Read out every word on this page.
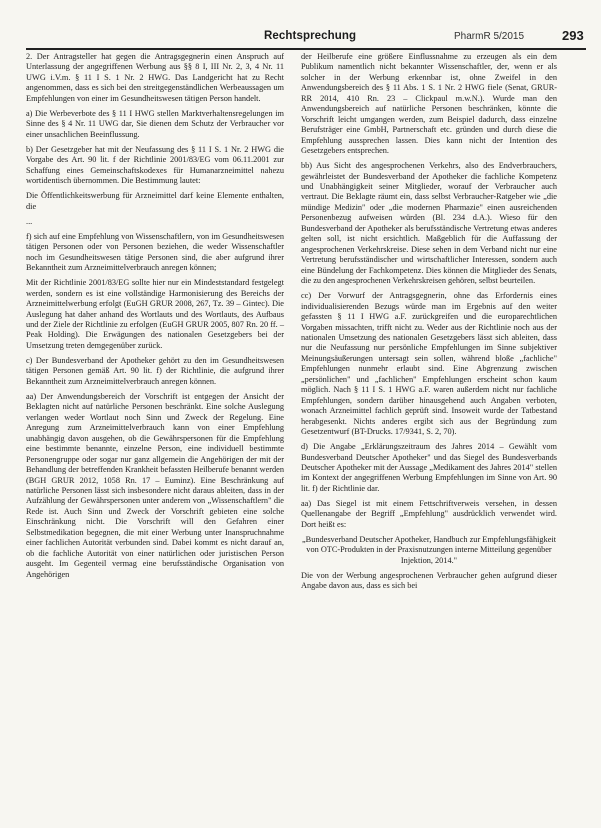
Rechtsprechung	PharmR 5/2015	293

2. Der Antragsteller hat gegen die Antragsgegnerin einen Anspruch auf Unterlassung der angegriffenen Werbung aus §§ 8 I, III Nr. 2, 3, 4 Nr. 11 UWG i.V.m. § 11 I S. 1 Nr. 2 HWG. Das Landgericht hat zu Recht angenommen, dass es sich bei den streitgegenständlichen Werbeaussagen um Empfehlungen von einer im Gesundheitswesen tätigen Person handelt.

a) Die Werbeverbote des § 11 I HWG stellen Marktverhaltensregelungen im Sinne des § 4 Nr. 11 UWG dar, Sie dienen dem Schutz der Verbraucher vor einer unsachlichen Beeinflussung.

b) Der Gesetzgeber hat mit der Neufassung des § 11 I S. 1 Nr. 2 HWG die Vorgabe des Art. 90 lit. f der Richtlinie 2001/83/EG vom 06.11.2001 zur Schaffung eines Gemeinschaftskodexes für Humanarzneimittel nahezu wortidentisch übernommen. Die Bestimmung lautet:

Die Öffentlichkeitswerbung für Arzneimittel darf keine Elemente enthalten, die

...

f) sich auf eine Empfehlung von Wissenschaftlern, von im Gesundheitswesen tätigen Personen oder von Personen beziehen, die weder Wissenschaftler noch im Gesundheitswesen tätige Personen sind, die aber aufgrund ihrer Bekanntheit zum Arzneimittelverbrauch anregen können;

Mit der Richtlinie 2001/83/EG sollte hier nur ein Mindeststandard festgelegt werden, sondern es ist eine vollständige Harmonisierung des Bereichs der Arzneimittelwerbung erfolgt (EuGH GRUR 2008, 267, Tz. 39 – Gintec). Die Auslegung hat daher anhand des Wortlauts und des Wortlauts, des Aufbaus und der Ziele der Richtlinie zu erfolgen (EuGH GRUR 2005, 807 Rn. 20 ff. – Peak Holding). Die Erwägungen des nationalen Gesetzgebers bei der Umsetzung treten demgegenüber zurück.

c) Der Bundesverband der Apotheker gehört zu den im Gesundheitswesen tätigen Personen gemäß Art. 90 lit. f) der Richtlinie, die aufgrund ihrer Bekanntheit zum Arzneimittelverbrauch anregen können.

aa) Der Anwendungsbereich der Vorschrift ist entgegen der Ansicht der Beklagten nicht auf natürliche Personen beschränkt. Eine solche Auslegung verlangen weder Wortlaut noch Sinn und Zweck der Regelung. Eine Anregung zum Arzneimittelverbrauch kann von einer Empfehlung unabhängig davon ausgehen, ob die Gewährspersonen für die Empfehlung eine bestimmte benannte, einzelne Person, eine individuell bestimmte Personengruppe oder sogar nur ganz allgemein die Angehörigen der mit der Behandlung der betreffenden Krankheit befassten Heilberufe benannt werden (BGH GRUR 2012, 1058 Rn. 17 – Euminz). Eine Beschränkung auf natürliche Personen lässt sich insbesondere nicht daraus ableiten, dass in der Aufzählung der Gewährspersonen unter anderem von „Wissenschaftlern" die Rede ist. Auch Sinn und Zweck der Vorschrift gebieten eine solche Einschränkung nicht. Die Vorschrift will den Gefahren einer Selbstmedikation begegnen, die mit einer Werbung unter Inanspruchnahme einer fachlichen Autorität verbunden sind. Dabei kommt es nicht darauf an, ob die fachliche Autorität von einer natürlichen oder juristischen Person ausgeht. Im Gegenteil vermag eine berufsständische Organisation von Angehörigen

der Heilberufe eine größere Einflussnahme zu erzeugen als ein dem Publikum namentlich nicht bekannter Wissenschaftler, der, wenn er als solcher in der Werbung erkennbar ist, ohne Zweifel in den Anwendungsbereich des § 11 Abs. 1 S. 1 Nr. 2 HWG fiele (Senat, GRUR-RR 2014, 410 Rn. 23 – Clickpaul m.w.N.). Wurde man den Anwendungsbereich auf natürliche Personen beschränken, könnte die Vorschrift leicht umgangen werden, zum Beispiel dadurch, dass einzelne Berufsträger eine GmbH, Partnerschaft etc. gründen und durch diese die Empfehlung aussprechen lassen. Dies kann nicht der Intention des Gesetzgebers entsprechen.

bb) Aus Sicht des angesprochenen Verkehrs, also des Endverbrauchers, gewährleistet der Bundesverband der Apotheker die fachliche Kompetenz und Unabhängigkeit seiner Mitglieder, worauf der Verbraucher auch vertraut. Die Beklagte räumt ein, dass selbst Verbraucher-Ratgeber wie „die mündige Medizin" oder „die modernen Pharmazie" einen ausreichenden Personenbezug aufweisen würden (Bl. 234 d.A.). Wieso für den Bundesverband der Apotheker als berufsständische Vertretung etwas anderes gelten soll, ist nicht ersichtlich. Maßgeblich für die Auffassung der angesprochenen Verkehrskreise. Diese sehen in dem Verband nicht nur eine Vertretung berufsständischer und wirtschaftlicher Interessen, sondern auch eine Bündelung der Fachkompetenz. Dies können die Mitglieder des Senats, die zu den angesprochenen Verkehrskreisen gehören, selbst beurteilen.

cc) Der Vorwurf der Antragsgegnerin, ohne das Erfordernis eines individualisierenden Bezugs würde man im Ergebnis auf den weiter gefassten § 11 I HWG a.F. zurückgreifen und die europarechtlichen Vorgaben missachten, trifft nicht zu. Weder aus der Richtlinie noch aus der nationalen Umsetzung des nationalen Gesetzgebers lässt sich ableiten, dass nur die Neufassung nur persönliche Empfehlungen im Sinne subjektiver Meinungsäußerungen untersagt sein sollen, während bloße „fachliche" Empfehlungen nunmehr erlaubt sind. Eine Abgrenzung zwischen „persönlichen" und „fachlichen" Empfehlungen erscheint schon kaum möglich. Nach § 11 I S. 1 HWG a.F. waren außerdem nicht nur fachliche Empfehlungen, sondern darüber hinausgehend auch Angaben verboten, wonach Arzneimittel fachlich geprüft sind. Insoweit wurde der Tatbestand herabgesenkt. Nichts anderes ergibt sich aus der Begründung zum Gesetzentwurf (BT-Drucks. 17/9341, S. 2, 70).

d) Die Angabe „Erklärungszeitraum des Jahres 2014 – Gewählt vom Bundesverband Deutscher Apotheker" und das Siegel des Bundesverbands Deutscher Apotheker mit der Aussage „Medikament des Jahres 2014" stellen im Kontext der angegriffenen Werbung Empfehlungen im Sinne von Art. 90 lit. f) der Richtlinie dar.

aa) Das Siegel ist mit einem Fettschriftverweis versehen, in dessen Quellenangabe der Begriff „Empfehlung" ausdrücklich verwendet wird. Dort heißt es:

„Bundesverband Deutscher Apotheker, Handbuch zur Empfehlungsfähigkeit von OTC-Produkten in der Praxisnutzungen interne Mitteilung gegenüber Injektion, 2014."

Die von der Werbung angesprochenen Verbraucher gehen aufgrund dieser Angabe davon aus, dass es sich bei
